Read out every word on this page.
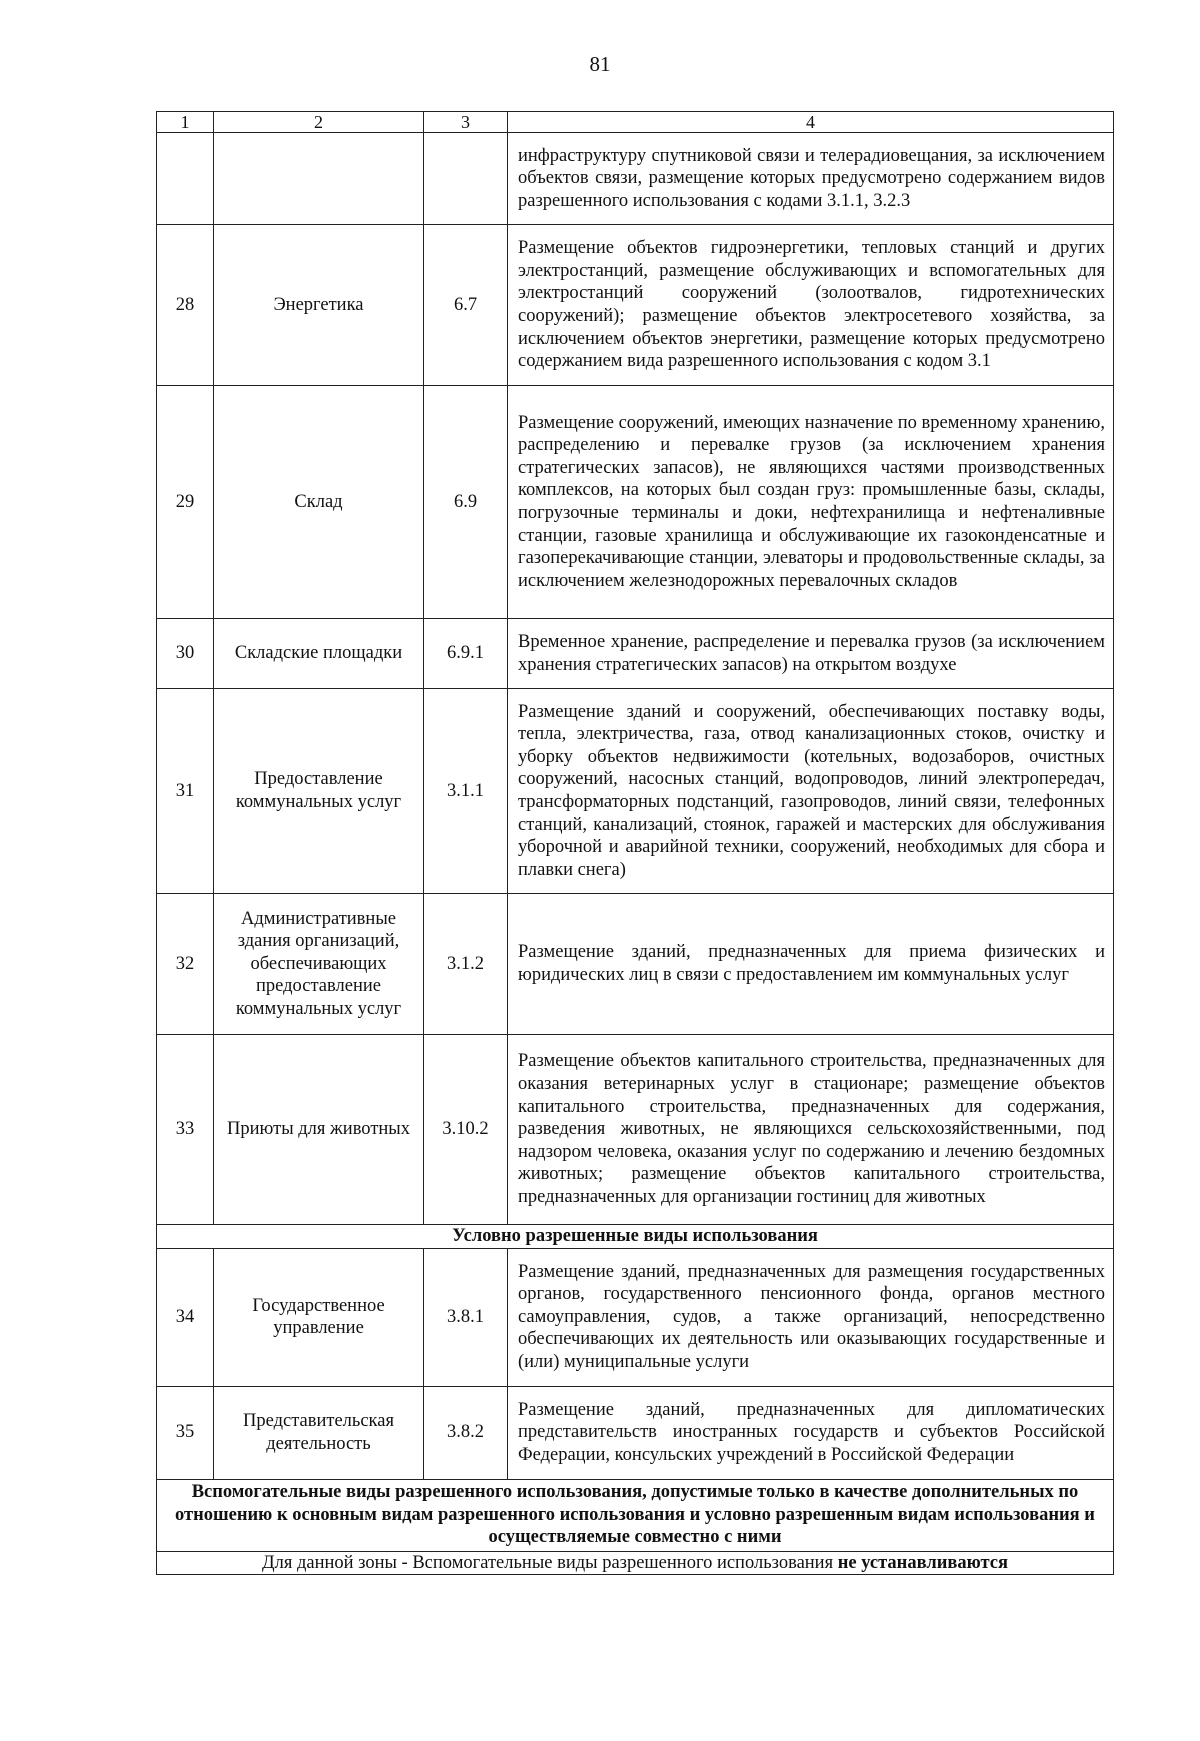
81
1	2	3	4
			инфраструктуру спутниковой связи и телерадиовещания, за исключением объектов связи, размещение которых предусмотрено содержанием видов разрешенного использования с кодами 3.1.1, 3.2.3
28	Энергетика	6.7	Размещение объектов гидроэнергетики, тепловых станций и других электростанций, размещение обслуживающих и вспомогательных для электростанций сооружений (золоотвалов, гидротехнических сооружений); размещение объектов электросетевого хозяйства, за исключением объектов энергетики, размещение которых предусмотрено содержанием вида разрешенного использования с кодом 3.1
29	Склад	6.9	Размещение сооружений, имеющих назначение по временному хранению, распределению и перевалке грузов (за исключением хранения стратегических запасов), не являющихся частями производственных комплексов, на которых был создан груз: промышленные базы, склады, погрузочные терминалы и доки, нефтехранилища и нефтеналивные станции, газовые хранилища и обслуживающие их газоконденсатные и газоперекачивающие станции, элеваторы и продовольственные склады, за исключением железнодорожных перевалочных складов
30	Складские площадки	6.9.1	Временное хранение, распределение и перевалка грузов (за исключением хранения стратегических запасов) на открытом воздухе
31	Предоставление коммунальных услуг	3.1.1	Размещение зданий и сооружений, обеспечивающих поставку воды, тепла, электричества, газа, отвод канализационных стоков, очистку и уборку объектов недвижимости (котельных, водозаборов, очистных сооружений, насосных станций, водопроводов, линий электропередач, трансформаторных подстанций, газопроводов, линий связи, телефонных станций, канализаций, стоянок, гаражей и мастерских для обслуживания уборочной и аварийной техники, сооружений, необходимых для сбора и плавки снега)
32	Административные здания организаций, обеспечивающих предоставление коммунальных услуг	3.1.2	Размещение зданий, предназначенных для приема физических и юридических лиц в связи с предоставлением им коммунальных услуг
33	Приюты для животных	3.10.2	Размещение объектов капитального строительства, предназначенных для оказания ветеринарных услуг в стационаре; размещение объектов капитального строительства, предназначенных для содержания, разведения животных, не являющихся сельскохозяйственными, под надзором человека, оказания услуг по содержанию и лечению бездомных животных; размещение объектов капитального строительства, предназначенных для организации гостиниц для животных
Условно разрешенные виды использования			
34	Государственное управление	3.8.1	Размещение зданий, предназначенных для размещения государственных органов, государственного пенсионного фонда, органов местного самоуправления, судов, а также организаций, непосредственно обеспечивающих их деятельность или оказывающих государственные и (или) муниципальные услуги
35	Представительская деятельность	3.8.2	Размещение зданий, предназначенных для дипломатических представительств иностранных государств и субъектов Российской Федерации, консульских учреждений в Российской Федерации
Вспомогательные виды разрешенного использования, допустимые только в качестве дополнительных по отношению к основным видам разрешенного использования и условно разрешенным видам использования и осуществляемые совместно с ними			
Для данной зоны - Вспомогательные виды разрешенного использования не устанавливаются			
